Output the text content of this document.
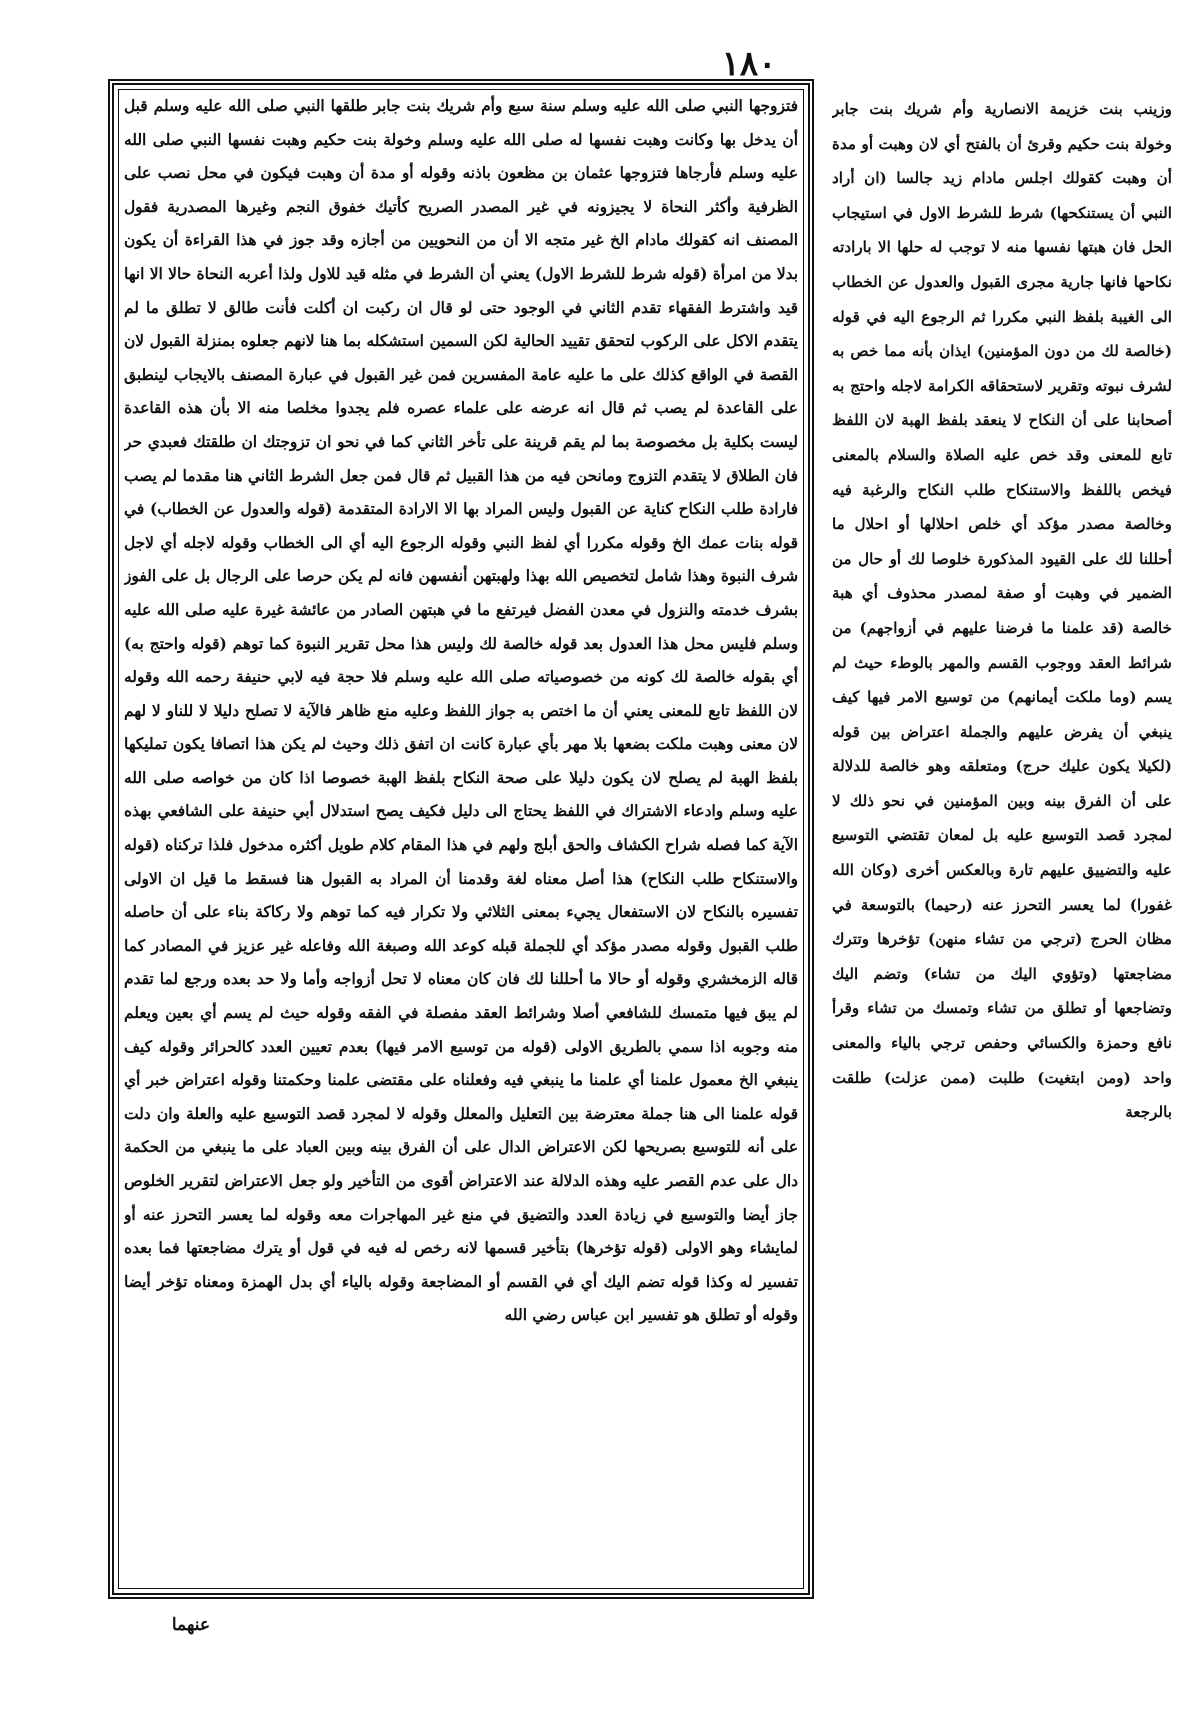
١٨٠

فتزوجها النبي صلى الله عليه وسلم سنة سبع وأم شريك بنت جابر طلقها النبي صلى الله عليه وسلم قبل أن يدخل بها وكانت وهبت نفسها له صلى الله عليه وسلم وخولة بنت حكيم وهبت نفسها النبي صلى الله عليه وسلم فأرجاها فتزوجها عثمان بن مظعون باذنه وقوله أو مدة أن وهبت فيكون في محل نصب على الظرفية وأكثر النحاة لا يجيزونه في غير المصدر الصريح كأتيك خفوق النجم وغيرها المصدرية فقول المصنف انه كقولك مادام الخ غير متجه الا أن من النحويين من أجازه وقد جوز في هذا القراءة أن يكون بدلا من امرأة (قوله شرط للشرط الاول) يعني أن الشرط في مثله قيد للاول ولذا أعربه النحاة حالا الا انها قيد واشترط الفقهاء تقدم الثاني في الوجود حتى لو قال ان ركبت ان أكلت فأنت طالق لا تطلق ما لم يتقدم الاكل على الركوب لتحقق تقييد الحالية لكن السمين استشكله بما هنا لانهم جعلوه بمنزلة القبول لان القصة في الواقع كذلك على ما عليه عامة المفسرين فمن غير القبول في عبارة المصنف بالايجاب لينطبق على القاعدة لم يصب ثم قال انه عرضه على علماء عصره فلم يجدوا مخلصا منه الا بأن هذه القاعدة ليست بكلية بل مخصوصة بما لم يقم قرينة على تأخر الثاني كما في نحو ان تزوجتك ان طلقتك فعبدي حر فان الطلاق لا يتقدم التزوج ومانحن فيه من هذا القبيل ثم قال فمن جعل الشرط الثاني هنا مقدما لم يصب فارادة طلب النكاح كناية عن القبول وليس المراد بها الا الارادة المتقدمة (قوله والعدول عن الخطاب) في قوله بنات عمك الخ وقوله مكررا أي لفظ النبي وقوله الرجوع اليه أي الى الخطاب وقوله لاجله أي لاجل شرف النبوة وهذا شامل لتخصيص الله بهذا ولهبتهن أنفسهن فانه لم يكن حرصا على الرجال بل على الفوز بشرف خدمته والنزول في معدن الفضل فيرتفع ما في هبتهن الصادر من عائشة غيرة عليه صلى الله عليه وسلم فليس محل هذا العدول بعد قوله خالصة لك وليس هذا محل تقرير النبوة كما توهم (قوله واحتج به) أي بقوله خالصة لك كونه من خصوصياته صلى الله عليه وسلم فلا حجة فيه لابي حنيفة رحمه الله وقوله لان اللفظ تابع للمعنى يعني أن ما اختص به جواز اللفظ وعليه منع ظاهر فالآية لا تصلح دليلا لا للناو لا لهم لان معنى وهبت ملكت بضعها بلا مهر بأي عبارة كانت ان اتفق ذلك وحيث لم يكن هذا اتصافا يكون تمليكها بلفظ الهبة لم يصلح لان يكون دليلا على صحة النكاح بلفظ الهبة خصوصا اذا كان من خواصه صلى الله عليه وسلم وادعاء الاشتراك في اللفظ يحتاج الى دليل فكيف يصح استدلال أبي حنيفة على الشافعي بهذه الآية كما فصله شراح الكشاف والحق أبلج ولهم في هذا المقام كلام طويل أكثره مدخول فلذا تركناه (قوله والاستنكاح طلب النكاح) هذا أصل معناه لغة وقدمنا أن المراد به القبول هنا فسقط ما قيل ان الاولى تفسيره بالنكاح لان الاستفعال يجيء بمعنى الثلاثي ولا تكرار فيه كما توهم ولا ركاكة بناء على أن حاصله طلب القبول وقوله مصدر مؤكد أي للجملة قبله كوعد الله وصبغة الله وفاعله غير عزيز في المصادر كما قاله الزمخشري وقوله أو حالا ما أحللنا لك فان كان معناه لا تحل أزواجه وأما ولا حد بعده ورجع لما تقدم لم يبق فيها متمسك للشافعي أصلا وشرائط العقد مفصلة في الفقه وقوله حيث لم يسم أي بعين ويعلم منه وجوبه اذا سمي بالطريق الاولى (قوله من توسيع الامر فيها) بعدم تعيين العدد كالحرائر وقوله كيف ينبغي الخ معمول علمنا أي علمنا ما ينبغي فيه وفعلناه على مقتضى علمنا وحكمتنا وقوله اعتراض خبر أي قوله علمنا الى هنا جملة معترضة بين التعليل والمعلل وقوله لا لمجرد قصد التوسيع عليه والعلة وان دلت على أنه للتوسيع بصريحها لكن الاعتراض الدال على أن الفرق بينه وبين العباد على ما ينبغي من الحكمة دال على عدم القصر عليه وهذه الدلالة عند الاعتراض أقوى من التأخير ولو جعل الاعتراض لتقرير الخلوص جاز أيضا والتوسيع في زيادة العدد والتضيق في منع غير المهاجرات معه وقوله لما يعسر التحرز عنه أو لمايشاء وهو الاولى (قوله تؤخرها) بتأخير قسمها لانه رخص له فيه في قول أو يترك مضاجعتها فما بعده تفسير له وكذا قوله تضم اليك أي في القسم أو المضاجعة وقوله بالياء أي بدل الهمزة ومعناه تؤخر أيضا وقوله أو تطلق هو تفسير ابن عباس رضي الله

وزينب بنت خزيمة الانصارية وأم شريك بنت جابر وخولة بنت حكيم وقرئ أن بالفتح أي لان وهبت أو مدة أن وهبت كقولك اجلس مادام زيد جالسا (ان أراد النبي أن يستنكحها) شرط للشرط الاول في استيجاب الحل فان هبتها نفسها منه لا توجب له حلها الا بارادته نكاحها فانها جارية مجرى القبول والعدول عن الخطاب الى الغيبة بلفظ النبي مكررا ثم الرجوع اليه في قوله (خالصة لك من دون المؤمنين) ايذان بأنه مما خص به لشرف نبوته وتقرير لاستحقاقه الكرامة لاجله واحتج به أصحابنا على أن النكاح لا ينعقد بلفظ الهبة لان اللفظ تابع للمعنى وقد خص عليه الصلاة والسلام بالمعنى فيخص باللفظ والاستنكاح طلب النكاح والرغبة فيه وخالصة مصدر مؤكد أي خلص احلالها أو احلال ما أحللنا لك على القيود المذكورة خلوصا لك أو حال من الضمير في وهبت أو صفة لمصدر محذوف أي هبة خالصة (قد علمنا ما فرضنا عليهم في أزواجهم) من شرائط العقد ووجوب القسم والمهر بالوطء حيث لم يسم (وما ملكت أيمانهم) من توسيع الامر فيها كيف ينبغي أن يفرض عليهم والجملة اعتراض بين قوله (لكيلا يكون عليك حرج) ومتعلقه وهو خالصة للدلالة على أن الفرق بينه وبين المؤمنين في نحو ذلك لا لمجرد قصد التوسيع عليه بل لمعان تقتضي التوسيع عليه والتضييق عليهم تارة وبالعكس أخرى (وكان الله غفورا) لما يعسر التحرز عنه (رحيما) بالتوسعة في مظان الحرج (ترجي من تشاء منهن) تؤخرها وتترك مضاجعتها (وتؤوي اليك من تشاء) وتضم اليك وتضاجعها أو تطلق من تشاء وتمسك من تشاء وقرأ نافع وحمزة والكسائي وحفص ترجي بالياء والمعنى واحد (ومن ابتغيت) طلبت (ممن عزلت) طلقت بالرجعة

عنهما
